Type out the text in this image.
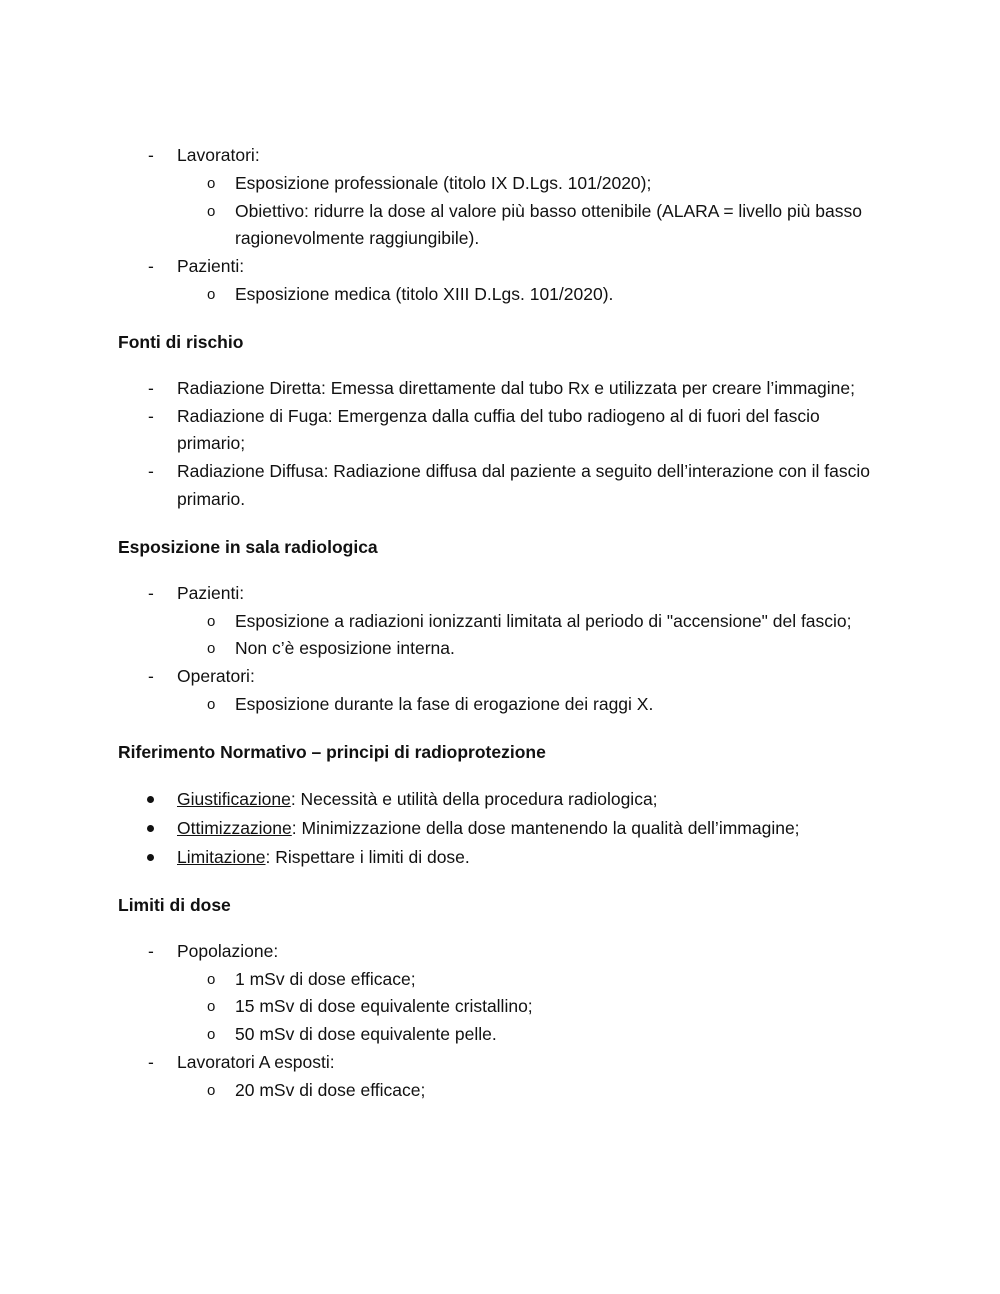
- Lavoratori:
o Esposizione professionale (titolo IX D.Lgs. 101/2020);
o Obiettivo: ridurre la dose al valore più basso ottenibile (ALARA = livello più basso ragionevolmente raggiungibile).
- Pazienti:
o Esposizione medica (titolo XIII D.Lgs. 101/2020).
Fonti di rischio
- Radiazione Diretta: Emessa direttamente dal tubo Rx e utilizzata per creare l’immagine;
- Radiazione di Fuga: Emergenza dalla cuffia del tubo radiogeno al di fuori del fascio primario;
- Radiazione Diffusa: Radiazione diffusa dal paziente a seguito dell’interazione con il fascio primario.
Esposizione in sala radiologica
- Pazienti:
o Esposizione a radiazioni ionizzanti limitata al periodo di "accensione" del fascio;
o Non c’è esposizione interna.
- Operatori:
o Esposizione durante la fase di erogazione dei raggi X.
Riferimento Normativo – principi di radioprotezione
Giustificazione: Necessità e utilità della procedura radiologica;
Ottimizzazione: Minimizzazione della dose mantenendo la qualità dell’immagine;
Limitazione: Rispettare i limiti di dose.
Limiti di dose
- Popolazione:
o 1 mSv di dose efficace;
o 15 mSv di dose equivalente cristallino;
o 50 mSv di dose equivalente pelle.
- Lavoratori A esposti:
o 20 mSv di dose efficace;
